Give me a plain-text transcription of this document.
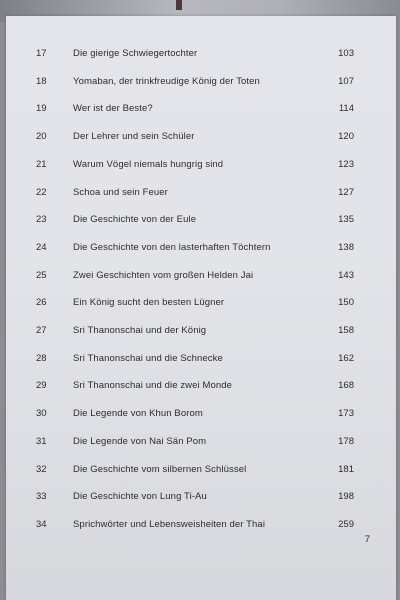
17	Die gierige Schwiegertochter	103
18	Yomaban, der trinkfreudige König der Toten	107
19	Wer ist der Beste?	114
20	Der Lehrer und sein Schüler	120
21	Warum Vögel niemals hungrig sind	123
22	Schoa und sein Feuer	127
23	Die Geschichte von der Eule	135
24	Die Geschichte von den lasterhaften Töchtern	138
25	Zwei Geschichten vom großen Helden Jai	143
26	Ein König sucht den besten Lügner	150
27	Sri Thanonschai und der König	158
28	Sri Thanonschai und die Schnecke	162
29	Sri Thanonschai und die zwei Monde	168
30	Die Legende von Khun Borom	173
31	Die Legende von Nai Sän Pom	178
32	Die Geschichte vom silbernen Schlüssel	181
33	Die Geschichte von Lung Ti-Au	198
34	Sprichwörter und Lebensweisheiten der Thai	259
7
